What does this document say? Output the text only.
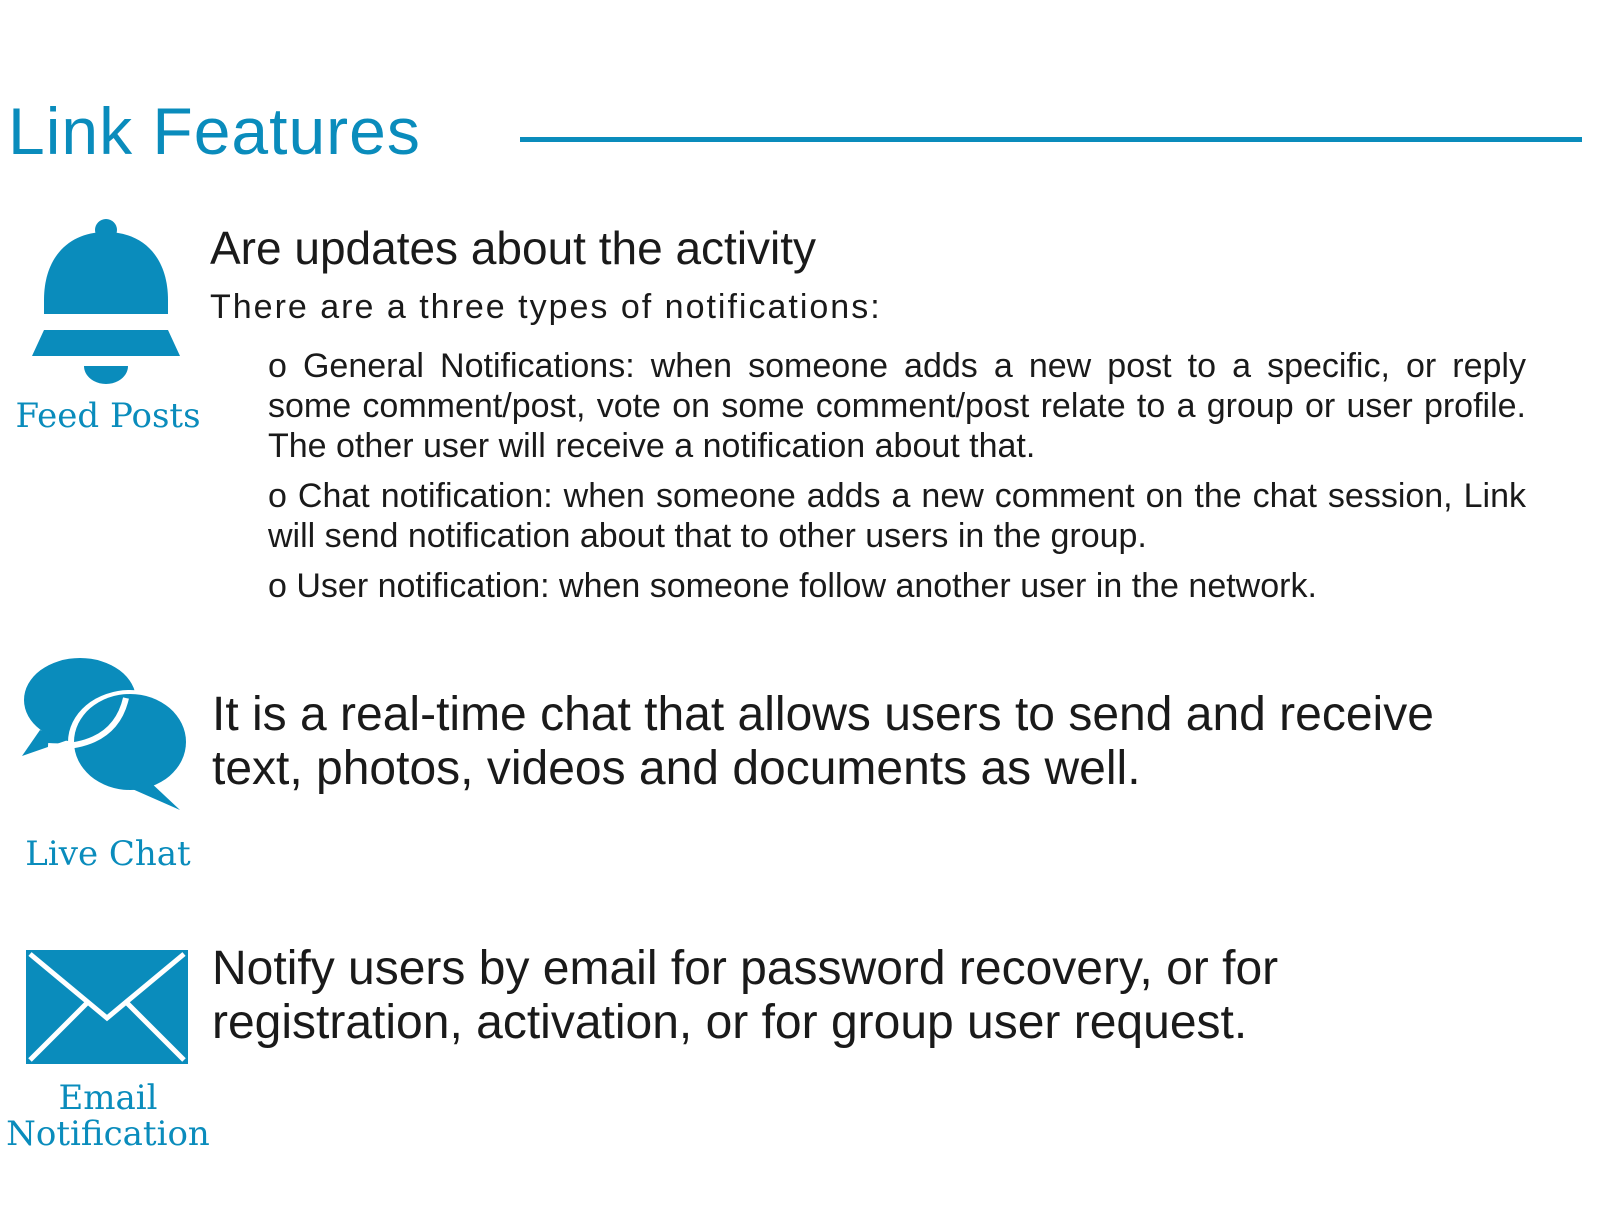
Link Features
Feed Posts

Are updates about the activity

There are a three types of notifications:

o General Notifications: when someone adds a new post to a specific, or reply some comment/post, vote on some comment/post relate to a group or user profile. The other user will receive a notification about that.

o Chat notification: when someone adds a new comment on the chat session, Link will send notification about that to other users in the group.

o User notification: when someone follow another user in the network.

Live Chat

It is a real-time chat that allows users to send and receive text, photos, videos and documents as well.

Email Notification

Notify users by email for password recovery, or for registration, activation, or for group user request.
